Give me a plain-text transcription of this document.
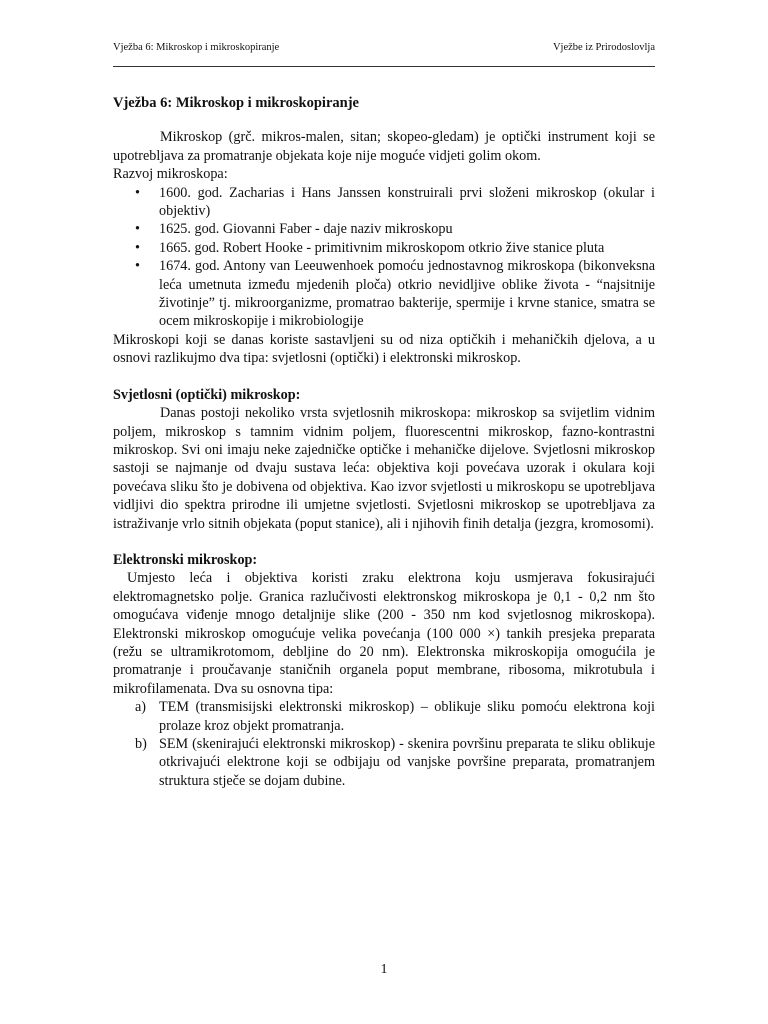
Vježba 6: Mikroskop i mikroskopiranje	Vježbe iz Prirodoslovlja
Vježba 6: Mikroskop i mikroskopiranje

Mikroskop (grč. mikros-malen, sitan; skopeo-gledam) je optički instrument koji se upotrebljava za promatranje objekata koje nije moguće vidjeti golim okom.

Razvoj mikroskopa:

• 1600. god. Zacharias i Hans Janssen konstruirali prvi složeni mikroskop (okular i objektiv)
• 1625. god. Giovanni Faber - daje naziv mikroskopu
• 1665. god. Robert Hooke - primitivnim mikroskopom otkrio žive stanice pluta
• 1674. god. Antony van Leeuwenhoek pomoću jednostavnog mikroskopa (bikonveksna leća umetnuta između mjedenih ploča) otkrio nevidljive oblike života - “najsitnije životinje” tj. mikroorganizme, promatrao bakterije, spermije i krvne stanice, smatra se ocem mikroskopije i mikrobiologije

Mikroskopi koji se danas koriste sastavljeni su od niza optičkih i mehaničkih djelova, a u osnovi razlikujmo dva tipa: svjetlosni (optički) i elektronski mikroskop.

Svjetlosni (optički) mikroskop:

Danas postoji nekoliko vrsta svjetlosnih mikroskopa: mikroskop sa svijetlim vidnim poljem, mikroskop s tamnim vidnim poljem, fluorescentni mikroskop, fazno-kontrastni mikroskop. Svi oni imaju neke zajedničke optičke i mehaničke dijelove. Svjetlosni mikroskop sastoji se najmanje od dvaju sustava leća: objektiva koji povećava uzorak i okulara koji povećava sliku što je dobivena od objektiva. Kao izvor svjetlosti u mikroskopu se upotrebljava vidljivi dio spektra prirodne ili umjetne svjetlosti. Svjetlosni mikroskop se upotrebljava za istraživanje vrlo sitnih objekata (poput stanice), ali i njihovih finih detalja (jezgra, kromosomi).

Elektronski mikroskop:

Umjesto leća i objektiva koristi zraku elektrona koju usmjerava fokusirajući elektromagnetsko polje. Granica razlučivosti elektronskog mikroskopa je 0,1 - 0,2 nm što omogućava viđenje mnogo detaljnije slike (200 - 350 nm kod svjetlosnog mikroskopa). Elektronski mikroskop omogućuje velika povećanja (100 000 ×) tankih presjeka preparata (režu se ultramikrotomom, debljine do 20 nm). Elektronska mikroskopija omogućila je promatranje i proučavanje staničnih organela poput membrane, ribosoma, mikrotubula i mikrofilamenata. Dva su osnovna tipa:

a) TEM (transmisijski elektronski mikroskop) – oblikuje sliku pomoću elektrona koji prolaze kroz objekt promatranja.
b) SEM (skenirajući elektronski mikroskop) - skenira površinu preparata te sliku oblikuje otkrivajući elektrone koji se odbijaju od vanjske površine preparata, promatranjem struktura stječe se dojam dubine.
1
